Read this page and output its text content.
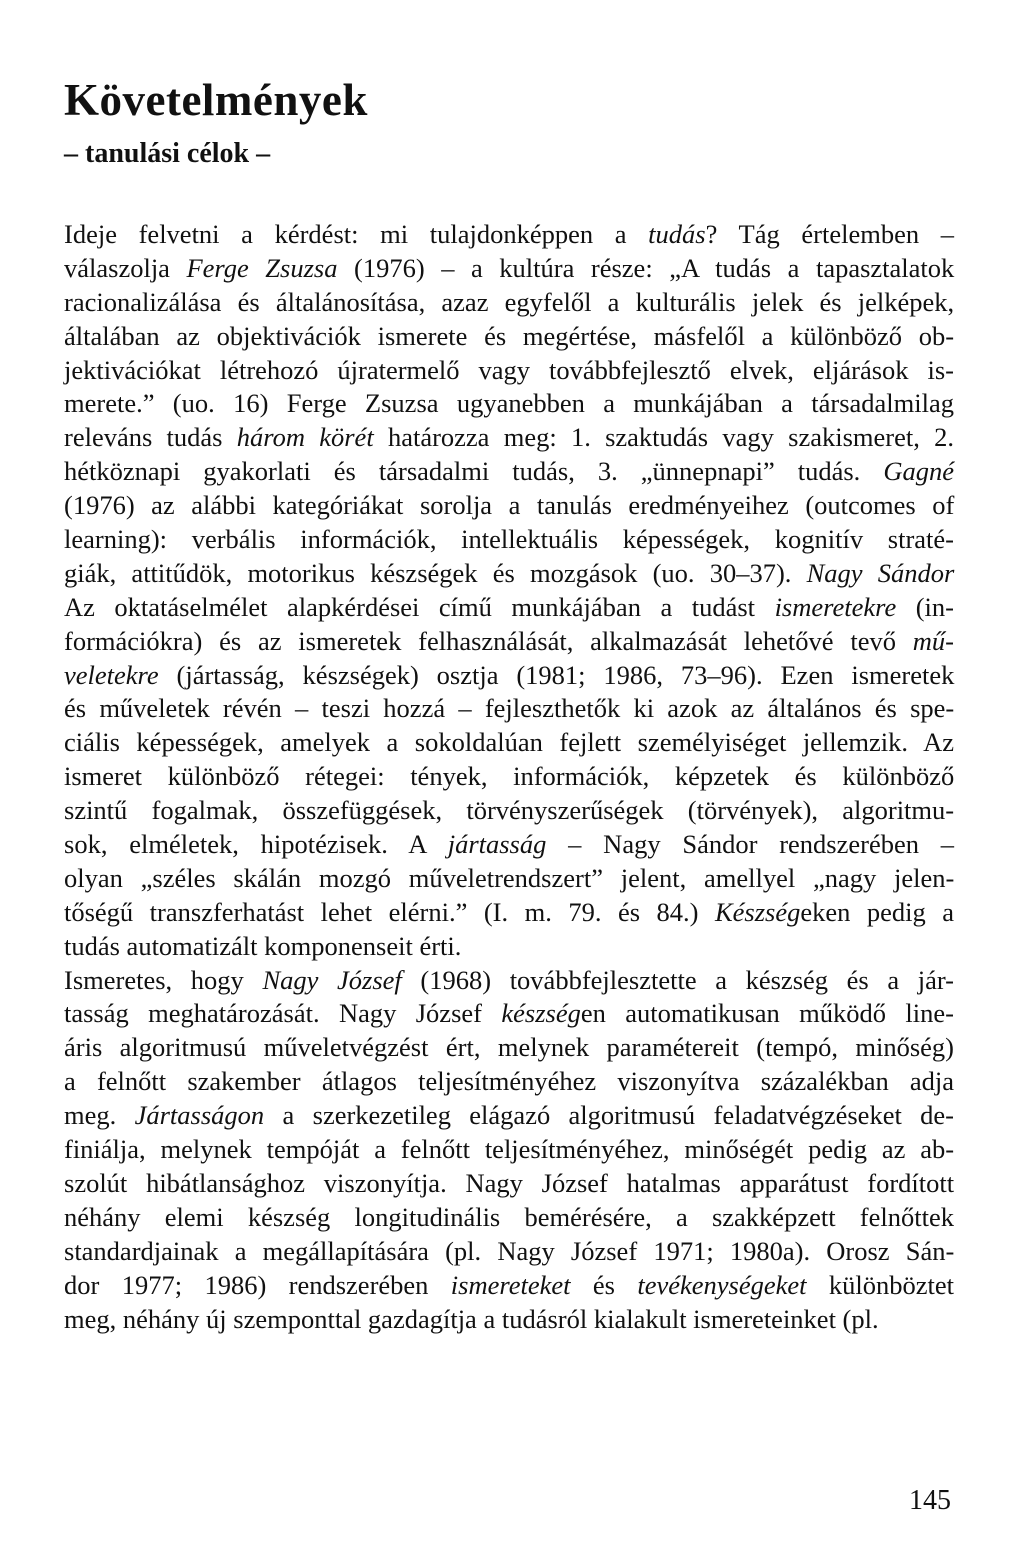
Követelmények
– tanulási célok –
Ideje felvetni a kérdést: mi tulajdonképpen a tudás? Tág értelemben –
válaszolja Ferge Zsuzsa (1976) – a kultúra része: „A tudás a tapasztalatok
racionalizálása és általánosítása, azaz egyfelől a kulturális jelek és jelképek,
általában az objektivációk ismerete és megértése, másfelől a különböző ob-
jektivációkat létrehozó újratermelő vagy továbbfejlesztő elvek, eljárások is-
merete.” (uo. 16) Ferge Zsuzsa ugyanebben a munkájában a társadalmilag
releváns tudás három körét határozza meg: 1. szaktudás vagy szakismeret, 2.
hétköznapi gyakorlati és társadalmi tudás, 3. „ünnepnapi” tudás. Gagné
(1976) az alábbi kategóriákat sorolja a tanulás eredményeihez (outcomes of
learning): verbális információk, intellektuális képességek, kognitív straté-
giák, attitűdök, motorikus készségek és mozgások (uo. 30–37). Nagy Sándor
Az oktatáselmélet alapkérdései című munkájában a tudást ismeretekre (in-
formációkra) és az ismeretek felhasználását, alkalmazását lehetővé tevő mű-
veletekre (jártasság, készségek) osztja (1981; 1986, 73–96). Ezen ismeretek
és műveletek révén – teszi hozzá – fejleszthetők ki azok az általános és spe-
ciális képességek, amelyek a sokoldalúan fejlett személyiséget jellemzik. Az
ismeret különböző rétegei: tények, információk, képzetek és különböző
szintű fogalmak, összefüggések, törvényszerűségek (törvények), algoritmu-
sok, elméletek, hipotézisek. A jártasság – Nagy Sándor rendszerében –
olyan „széles skálán mozgó műveletrendszert” jelent, amellyel „nagy jelen-
tőségű transzferhatást lehet elérni.” (I. m. 79. és 84.) Készségeken pedig a
tudás automatizált komponenseit érti.
Ismeretes, hogy Nagy József (1968) továbbfejlesztette a készség és a jár-
tasság meghatározását. Nagy József készségen automatikusan működő line-
áris algoritmusú műveletvégzést ért, melynek paramétereit (tempó, minőség)
a felnőtt szakember átlagos teljesítményéhez viszonyítva százalékban adja
meg. Jártasságon a szerkezetileg elágazó algoritmusú feladatvégzéseket de-
finiálja, melynek tempóját a felnőtt teljesítményéhez, minőségét pedig az ab-
szolút hibátlansághoz viszonyítja. Nagy József hatalmas apparátust fordított
néhány elemi készség longitudinális bemérésére, a szakképzett felnőttek
standardjainak a megállapítására (pl. Nagy József 1971; 1980a). Orosz Sán-
dor 1977; 1986) rendszerében ismereteket és tevékenységeket különböztet
meg, néhány új szemponttal gazdagítja a tudásról kialakult ismereteinket (pl.
145
